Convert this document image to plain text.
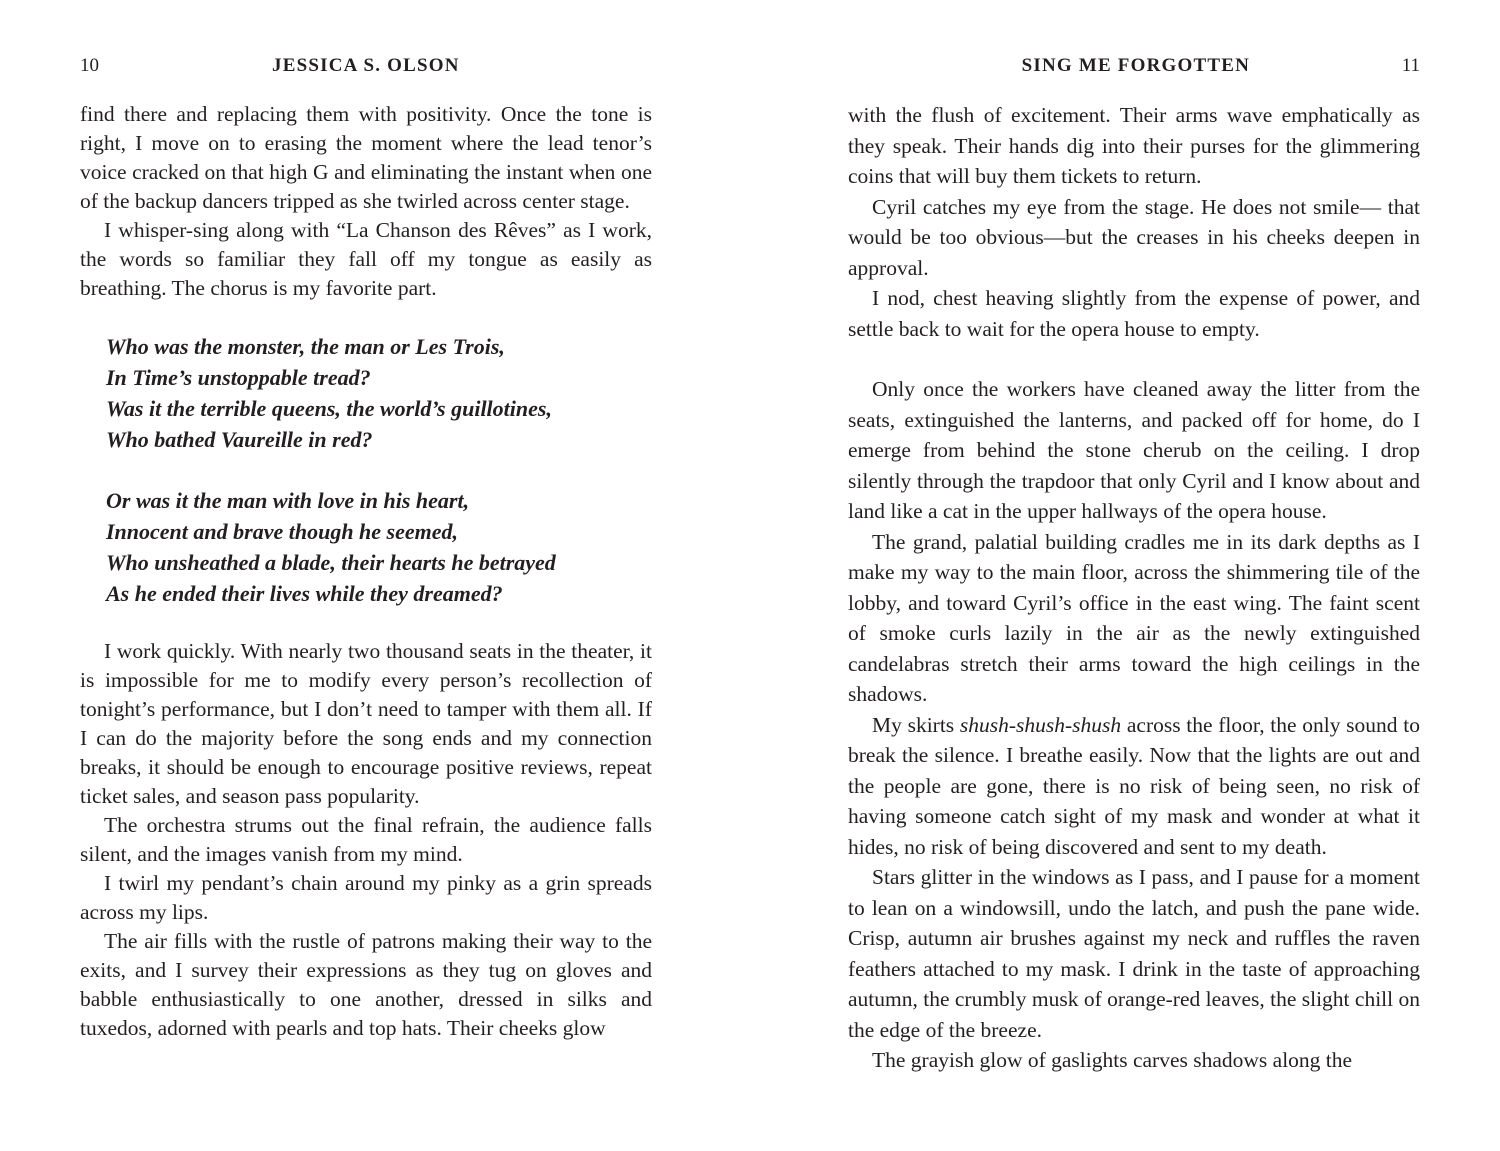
10	JESSICA S. OLSON

find there and replacing them with positivity. Once the tone is right, I move on to erasing the moment where the lead tenor’s voice cracked on that high G and eliminating the instant when one of the backup dancers tripped as she twirled across center stage.

I whisper-sing along with “La Chanson des Rêves” as I work, the words so familiar they fall off my tongue as easily as breathing. The chorus is my favorite part.

Who was the monster, the man or Les Trois,
In Time’s unstoppable tread?
Was it the terrible queens, the world’s guillotines,
Who bathed Vaureille in red?
Or was it the man with love in his heart,
Innocent and brave though he seemed,
Who unsheathed a blade, their hearts he betrayed
As he ended their lives while they dreamed?

I work quickly. With nearly two thousand seats in the theater, it is impossible for me to modify every person’s recollection of tonight’s performance, but I don’t need to tamper with them all. If I can do the majority before the song ends and my connection breaks, it should be enough to encourage positive reviews, repeat ticket sales, and season pass popularity.

The orchestra strums out the final refrain, the audience falls silent, and the images vanish from my mind.

I twirl my pendant’s chain around my pinky as a grin spreads across my lips.

The air fills with the rustle of patrons making their way to the exits, and I survey their expressions as they tug on gloves and babble enthusiastically to one another, dressed in silks and tuxedos, adorned with pearls and top hats. Their cheeks glow

SING ME FORGOTTEN	11

with the flush of excitement. Their arms wave emphatically as they speak. Their hands dig into their purses for the glimmering coins that will buy them tickets to return.

Cyril catches my eye from the stage. He does not smile— that would be too obvious—but the creases in his cheeks deepen in approval.

I nod, chest heaving slightly from the expense of power, and settle back to wait for the opera house to empty.

Only once the workers have cleaned away the litter from the seats, extinguished the lanterns, and packed off for home, do I emerge from behind the stone cherub on the ceiling. I drop silently through the trapdoor that only Cyril and I know about and land like a cat in the upper hallways of the opera house.

The grand, palatial building cradles me in its dark depths as I make my way to the main floor, across the shimmering tile of the lobby, and toward Cyril’s office in the east wing. The faint scent of smoke curls lazily in the air as the newly extinguished candelabras stretch their arms toward the high ceilings in the shadows.

My skirts shush-shush-shush across the floor, the only sound to break the silence. I breathe easily. Now that the lights are out and the people are gone, there is no risk of being seen, no risk of having someone catch sight of my mask and wonder at what it hides, no risk of being discovered and sent to my death.

Stars glitter in the windows as I pass, and I pause for a moment to lean on a windowsill, undo the latch, and push the pane wide. Crisp, autumn air brushes against my neck and ruffles the raven feathers attached to my mask. I drink in the taste of approaching autumn, the crumbly musk of orange-red leaves, the slight chill on the edge of the breeze.

The grayish glow of gaslights carves shadows along the
